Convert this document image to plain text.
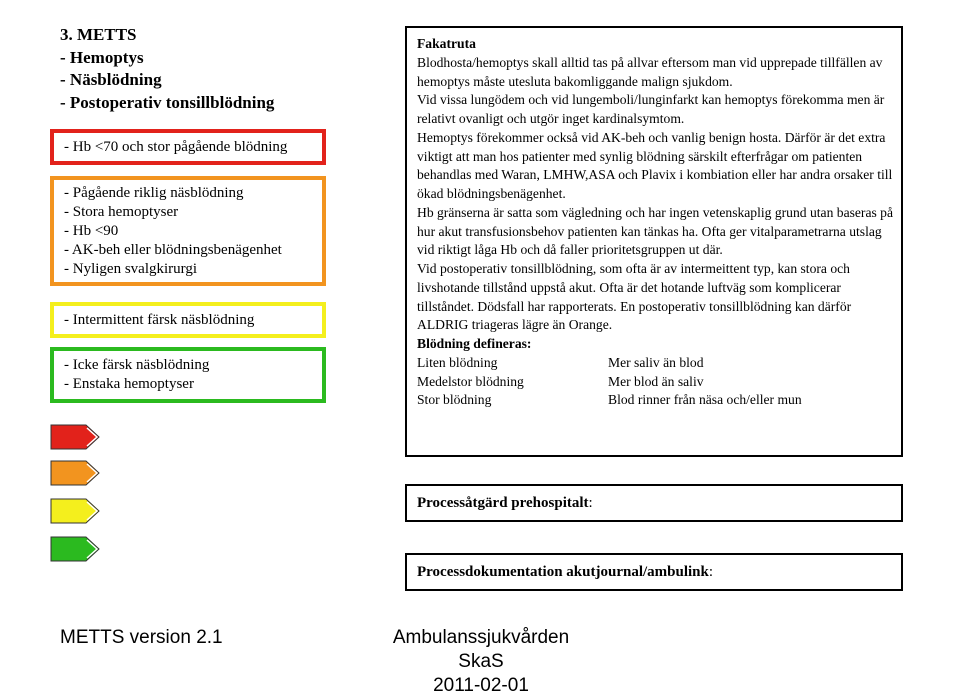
3. METTS
- Hemoptys
- Näsblödning
- Postoperativ tonsillblödning
- Hb <70 och stor pågående blödning
- Pågående riklig näsblödning
- Stora hemoptyser
- Hb <90
- AK-beh eller blödningsbenägenhet
- Nyligen svalgkirurgi
- Intermittent färsk näsblödning
- Icke färsk näsblödning
- Enstaka hemoptyser

Fakatruta

Blodhosta/hemoptys skall alltid tas på allvar eftersom man vid upprepade tillfällen av hemoptys måste utesluta bakomliggande malign sjukdom.

Vid vissa lungödem och vid lungemboli/lunginfarkt kan hemoptys förekomma men är relativt ovanligt och utgör inget kardinalsymtom.

Hemoptys förekommer också vid AK-beh och vanlig benign hosta. Därför är det extra viktigt att man hos patienter med synlig blödning särskilt efterfrågar om patienten behandlas med Waran, LMHW,ASA och Plavix i kombiation eller har andra orsaker till ökad blödningsbenägenhet.

Hb gränserna är satta som vägledning och har ingen vetenskaplig grund utan baseras på hur akut transfusionsbehov patienten kan tänkas ha. Ofta ger vitalparametrarna utslag vid riktigt låga Hb och då faller prioritetsgruppen ut där.

Vid postoperativ tonsillblödning, som ofta är av intermeittent typ, kan stora och livshotande tillstånd uppstå akut. Ofta är det hotande luftväg som komplicerar tillståndet. Dödsfall har rapporterats. En postoperativ tonsillblödning kan därför ALDRIG triageras lägre än Orange.

Blödning defineras:

Liten blödning	Mer saliv än blod
Medelstor blödning	Mer blod än saliv
Stor blödning	Blod rinner från näsa och/eller mun
Processåtgärd prehospitalt :
Processdokumentation akutjournal/ambulink :
METTS version 2.1	Ambulanssjukvården SkaS
2011-02-01
